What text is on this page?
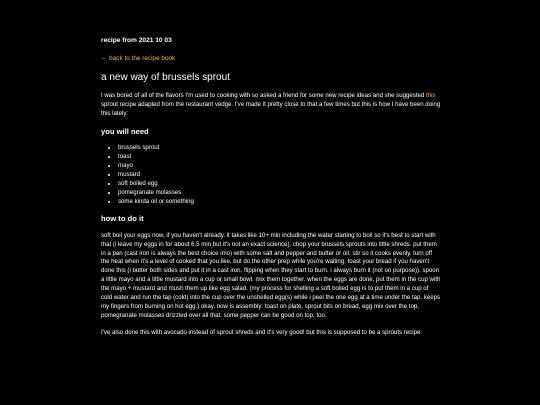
recipe from 2021 10 03
← back to the recipe book
a new way of brussels sprout

I was bored of all of the flavors I'm used to cooking with so asked a friend for some new recipe ideas and she suggested this sprout recipe adapted from the restaurant vedge. I've made it pretty close to that a few times but this is how I have been doing this lately:

you will need
• brussels sprout
• toast
• mayo
• mustard
• soft boiled egg
• pomegranate molasses
• some kinda oil or something
how to do it

soft boil your eggs now, if you haven't already. it takes like 10+ min including the water starting to boil so it's best to start with that (i leave my eggs in for about 6.5 min but it's not an exact science). chop your brussels sprouts into little shreds. put them in a pan (cast iron is always the best choice imo) with some salt and pepper and butter or oil. stir so it cooks evenly. turn off the heat when it's a level of cooked that you like, but do the other prep while you're waiting. toast your bread if you haven't done this (i butter both sides and put it in a cast iron, flipping when they start to burn. i always burn it (not on purpose)). spoon a little mayo and a little mustard into a cup or small bowl. mix them together. when the eggs are done, put them in the cup with the mayo + mustard and mush them up like egg salad. (my process for shelling a soft boiled egg is to put them in a cup of cold water and run the tap (cold) into the cup over the unshelled egg(s) while i peel the one egg at a time under the tap. keeps my fingers from burning on hot egg.) okay, now is assembly: toast on plate, sprout bits on bread, egg mix over the top, pomegranate molasses drizzled over all that. some pepper can be good on top, too.

I've also done this with avocado instead of sprout shreds and it's very good! but this is supposed to be a sprouts recipe.
